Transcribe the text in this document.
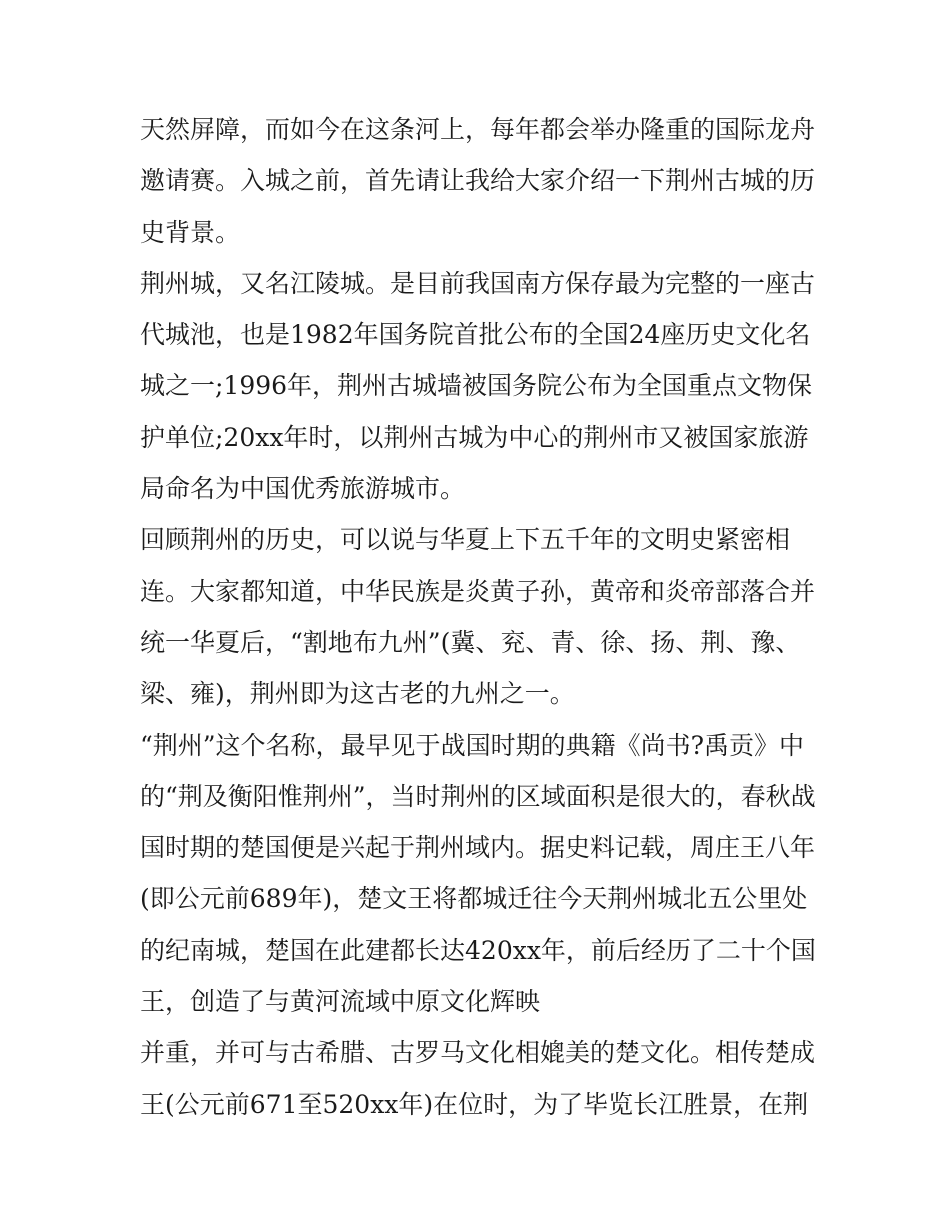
天然屏障，而如今在这条河上，每年都会举办隆重的国际龙舟
邀请赛。入城之前，首先请让我给大家介绍一下荆州古城的历
史背景。
荆州城，又名江陵城。是目前我国南方保存最为完整的一座古
代城池，也是1982年国务院首批公布的全国24座历史文化名
城之一;1996年，荆州古城墙被国务院公布为全国重点文物保
护单位;20xx年时，以荆州古城为中心的荆州市又被国家旅游
局命名为中国优秀旅游城市。
回顾荆州的历史，可以说与华夏上下五千年的文明史紧密相
连。大家都知道，中华民族是炎黄子孙，黄帝和炎帝部落合并
统一华夏后，“割地布九州”(冀、兖、青、徐、扬、荆、豫、
梁、雍)，荆州即为这古老的九州之一。
“荆州”这个名称，最早见于战国时期的典籍《尚书?禹贡》中
的“荆及衡阳惟荆州”，当时荆州的区域面积是很大的，春秋战
国时期的楚国便是兴起于荆州域内。据史料记载，周庄王八年
(即公元前689年)，楚文王将都城迁往今天荆州城北五公里处
的纪南城，楚国在此建都长达420xx年，前后经历了二十个国
王，创造了与黄河流域中原文化辉映
并重，并可与古希腊、古罗马文化相媲美的楚文化。相传楚成
王(公元前671至520xx年)在位时，为了毕览长江胜景，在荆
